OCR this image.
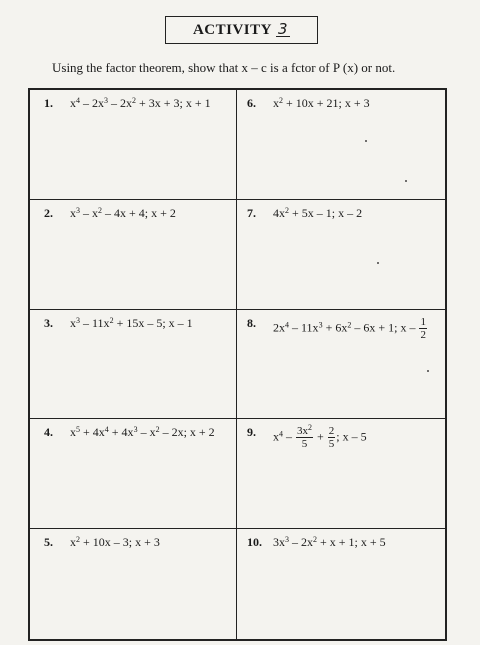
ACTIVITY 3
Using the factor theorem, show that x – c is a fctor of P (x) or not.
1.	$x^4 - 2x^3 - 2x^2 + 3x + 3$; x + 1	6.	$x^2 + 10x + 21$; x + 3
2.	$x^3 - x^2 - 4x + 4$; x + 2	7.	$4x^2 + 5x - 1$; x – 2
3.	$x^3 - 11x^2 + 15x - 5$; x – 1	8.	$2x^4 - 11x^3 + 6x^2 - 6x + 1$; x – $\frac{1}{2}$
4.	$x^5 + 4x^4 + 4x^3 - x^2 - 2x$; x + 2	9.	$x^4 - \frac{3x^2}{5} + \frac{2}{5}$ ; x – 5
5.	$x^2 + 10x - 3$; x + 3	10. $3x^3 - 2x^2 + x + 1$; x + 5
